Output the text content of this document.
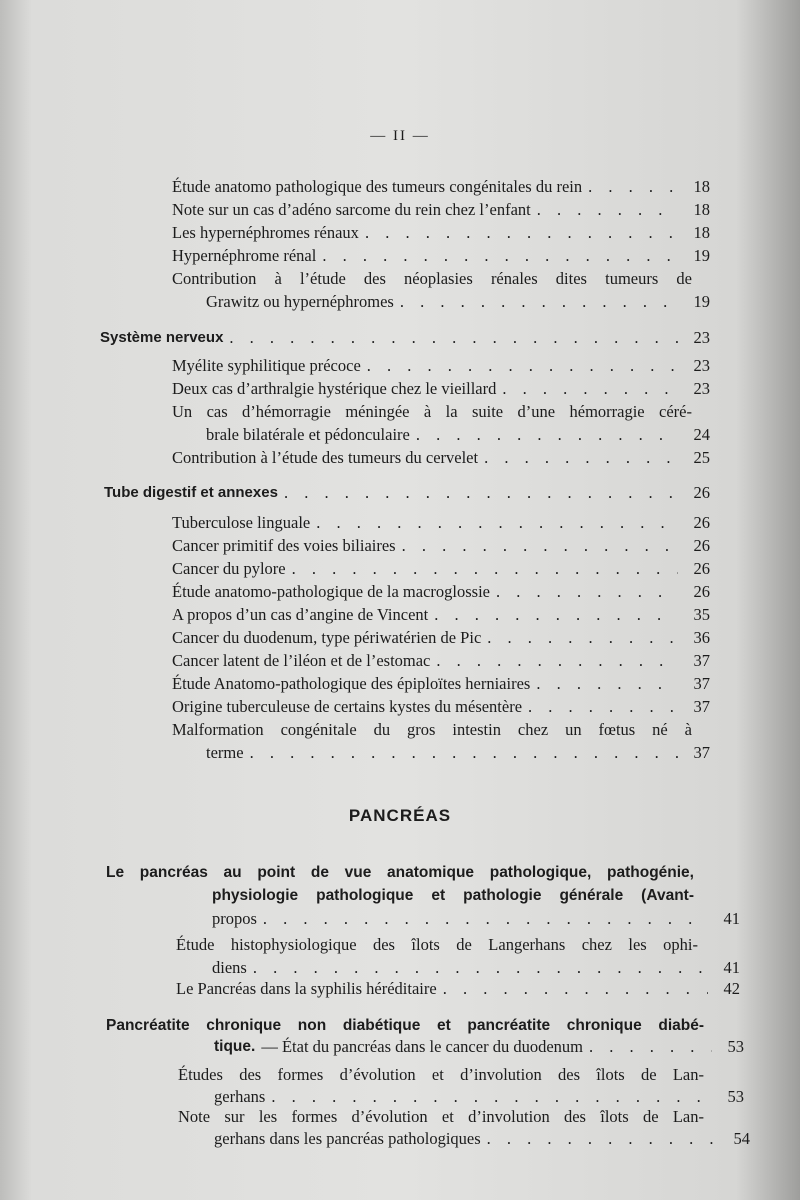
— II —
Étude anatomo pathologique des tumeurs congénitales du rein . . .	18
Note sur un cas d’adéno sarcome du rein chez l’enfant . . .	18
Les hypernéphromes rénaux . . .	18
Hypernéphrome rénal . . .	19
Contribution à l’étude des néoplasies rénales dites tumeurs de
Grawitz ou hypernéphromes . . .	19
Système nerveux . . .	23
Myélite syphilitique précoce . . .	23
Deux cas d’arthralgie hystérique chez le vieillard . . .	23
Un cas d’hémorragie méningée à la suite d’une hémorragie céré-
brale bilatérale et pédonculaire . . .	24
Contribution à l’étude des tumeurs du cervelet . . .	25
Tube digestif et annexes . . .	26
Tuberculose linguale . . .	26
Cancer primitif des voies biliaires . . .	26
Cancer du pylore . . .	26
Étude anatomo-pathologique de la macroglossie . . .	26
A propos d’un cas d’angine de Vincent . . .	35
Cancer du duodenum, type périwatérien de Pic . . .	36
Cancer latent de l’iléon et de l’estomac . . .	37
Étude Anatomo-pathologique des épiploïtes herniaires . . .	37
Origine tuberculeuse de certains kystes du mésentère . . .	37
Malformation congénitale du gros intestin chez un fœtus né à
terme . . .	37
PANCRÉAS
Le pancréas au point de vue anatomique pathologique, pathogénie,
physiologie pathologique et pathologie générale (Avant-
propos . . .	41
Étude histophysiologique des îlots de Langerhans chez les ophi-
diens . . .	41
Le Pancréas dans la syphilis héréditaire . . .	42
Pancréatite chronique non diabétique et pancréatite chronique diabé-
tique. — État du pancréas dans le cancer du duodenum . . .	53
Études des formes d’évolution et d’involution des îlots de Lan-
gerhans . . .	53
Note sur les formes d’évolution et d’involution des îlots de Lan-
gerhans dans les pancréas pathologiques . . .	54
